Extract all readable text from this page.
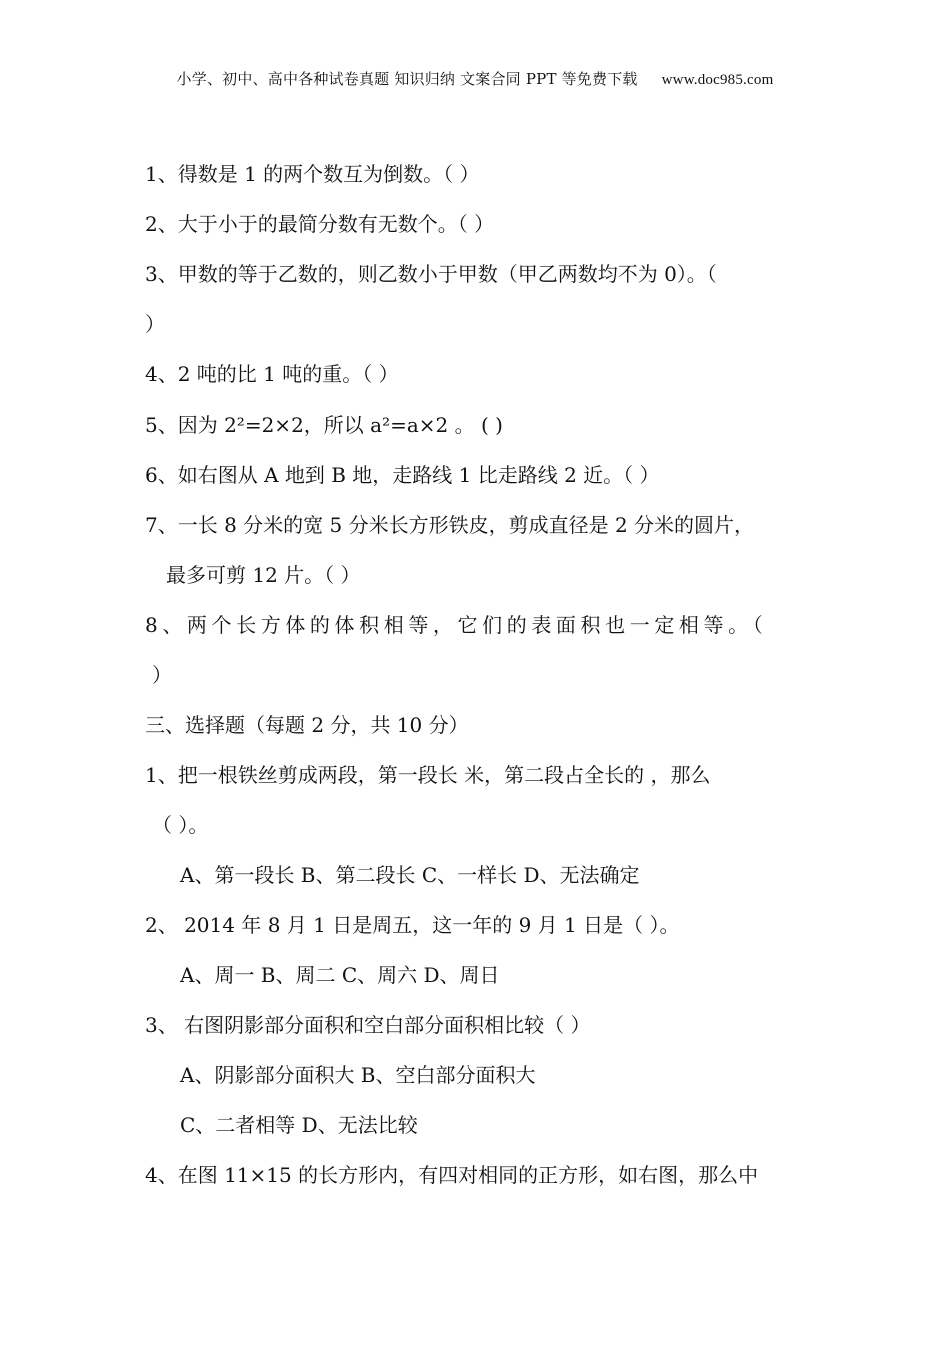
小学、初中、高中各种试卷真题 知识归纳 文案合同 PPT 等免费下载 www.doc985.com
1、得数是 1 的两个数互为倒数。（ ）
2、大于小于的最简分数有无数个。（ ）
3、甲数的等于乙数的，则乙数小于甲数（甲乙两数均不为 0）。（
）
4、2 吨的比 1 吨的重。（ ）
5、因为 2²=2×2，所以 a²=a×2 。 ( )
6、如右图从 A 地到 B 地，走路线 1 比走路线 2 近。（ ）
7、一长 8 分米的宽 5 分米长方形铁皮，剪成直径是 2 分米的圆片，
最多可剪 12 片。（ ）
8、两个长方体的体积相等，它们的表面积也一定相等。（
）
三、选择题（每题 2 分，共 10 分）
1、把一根铁丝剪成两段，第一段长 米，第二段占全长的 ，那么
（ ）。
A、第一段长 B、第二段长 C、一样长 D、无法确定
2、 2014 年 8 月 1 日是周五，这一年的 9 月 1 日是（ ）。
A、周一 B、周二 C、周六 D、周日
3、 右图阴影部分面积和空白部分面积相比较（ ）
A、阴影部分面积大 B、空白部分面积大
C、二者相等 D、无法比较
4、在图 11×15 的长方形内，有四对相同的正方形，如右图，那么中
